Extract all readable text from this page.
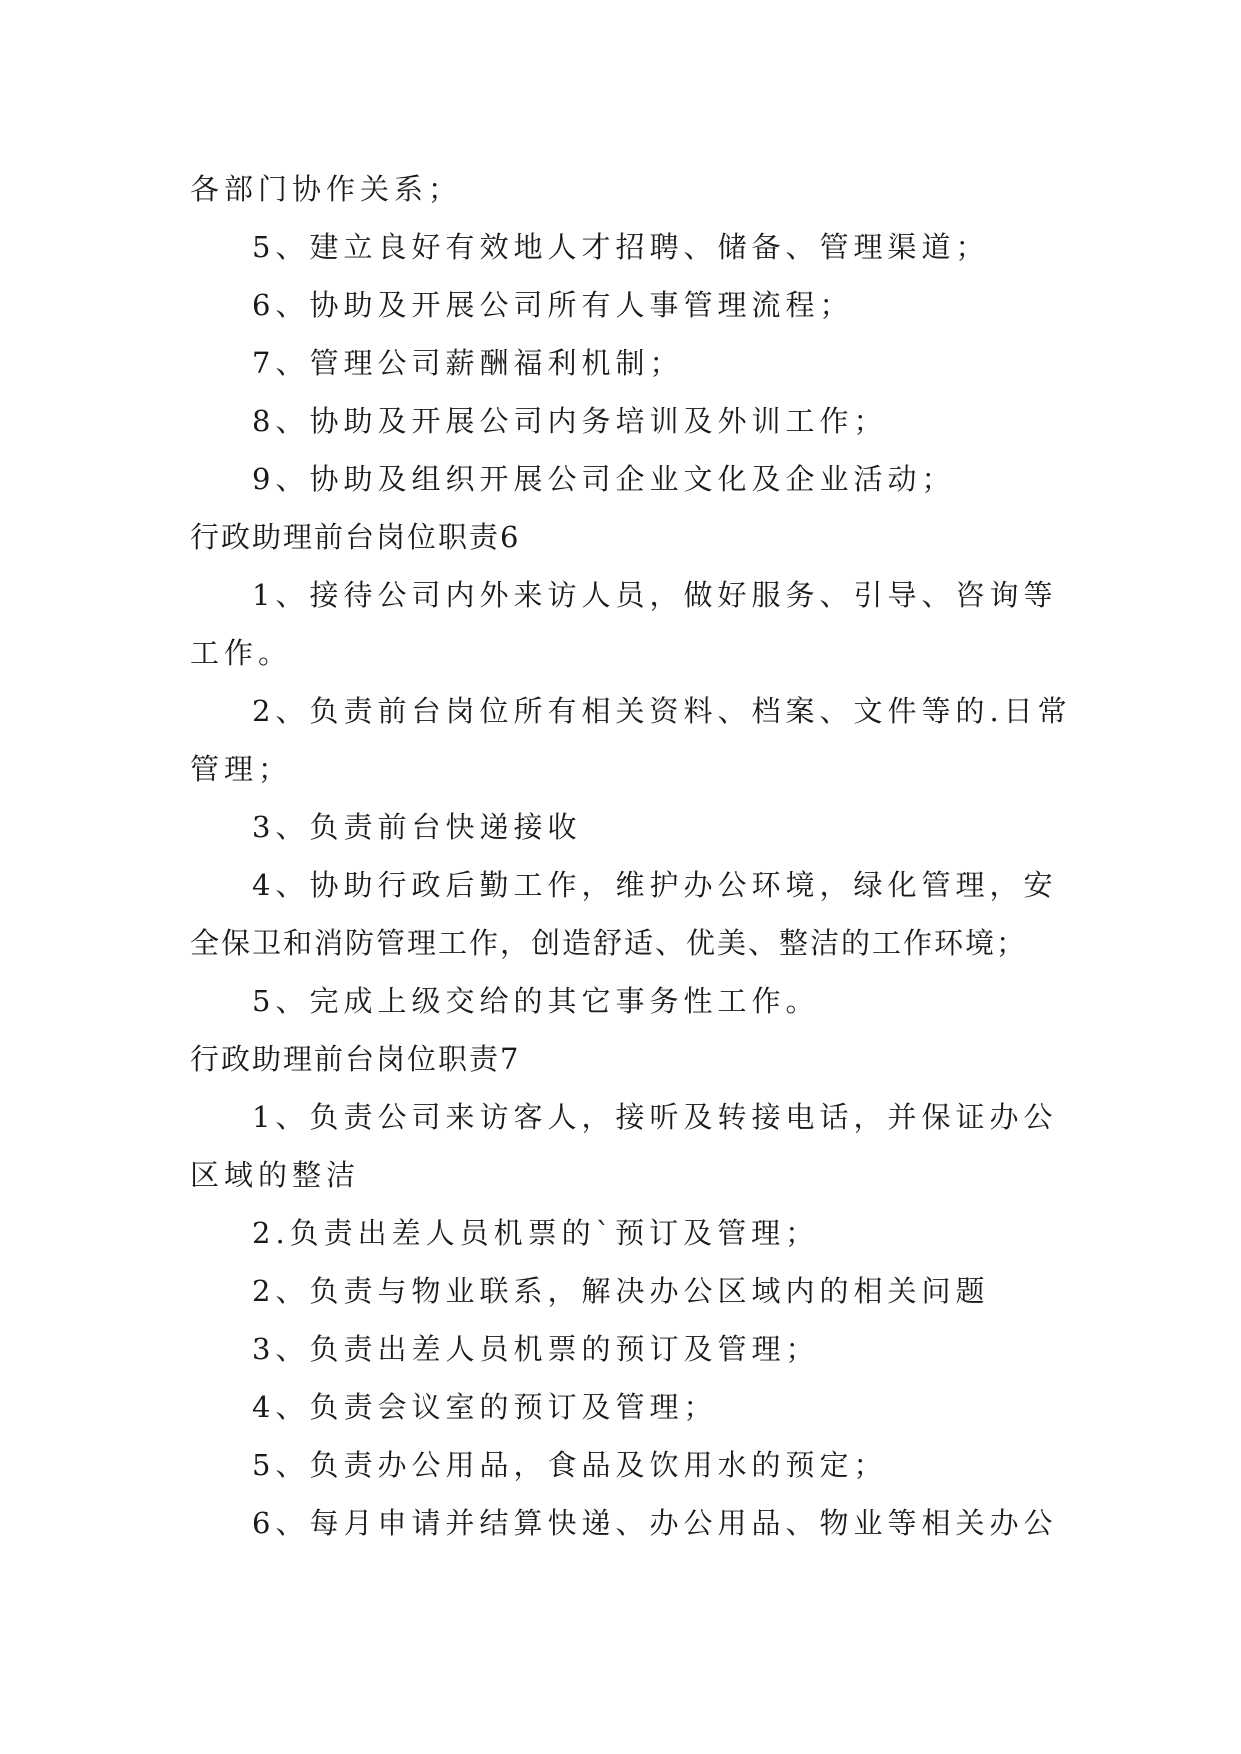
各部门协作关系；
5、建立良好有效地人才招聘、储备、管理渠道；
6、协助及开展公司所有人事管理流程；
7、管理公司薪酬福利机制；
8、协助及开展公司内务培训及外训工作；
9、协助及组织开展公司企业文化及企业活动；
行政助理前台岗位职责6
1、接待公司内外来访人员，做好服务、引导、咨询等
工作。
2、负责前台岗位所有相关资料、档案、文件等的.日常
管理；
3、负责前台快递接收
4、协助行政后勤工作，维护办公环境，绿化管理，安
全保卫和消防管理工作，创造舒适、优美、整洁的工作环境；
5、完成上级交给的其它事务性工作。
行政助理前台岗位职责7
1、负责公司来访客人，接听及转接电话，并保证办公
区域的整洁
2.负责出差人员机票的`预订及管理；
2、负责与物业联系，解决办公区域内的相关问题
3、负责出差人员机票的预订及管理；
4、负责会议室的预订及管理；
5、负责办公用品，食品及饮用水的预定；
6、每月申请并结算快递、办公用品、物业等相关办公
